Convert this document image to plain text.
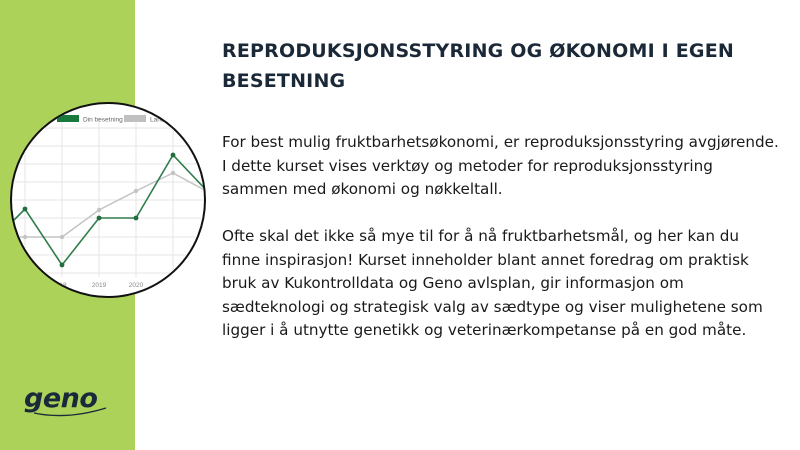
Din besetning	Landet
18	2019	2020
geno
REPRODUKSJONSSTYRING OG ØKONOMI I EGEN BESETNING

For best mulig fruktbarhetsøkonomi, er reproduksjonsstyring avgjørende. I dette kurset vises verktøy og metoder for reproduksjonsstyring sammen med økonomi og nøkkeltall.

Ofte skal det ikke så mye til for å nå fruktbarhetsmål, og her kan du finne inspirasjon! Kurset inneholder blant annet foredrag om praktisk bruk av Kukontrolldata og Geno avlsplan, gir informasjon om sædteknologi og strategisk valg av sædtype og viser mulighetene som ligger i å utnytte genetikk og veterinærkompetanse på en god måte.
